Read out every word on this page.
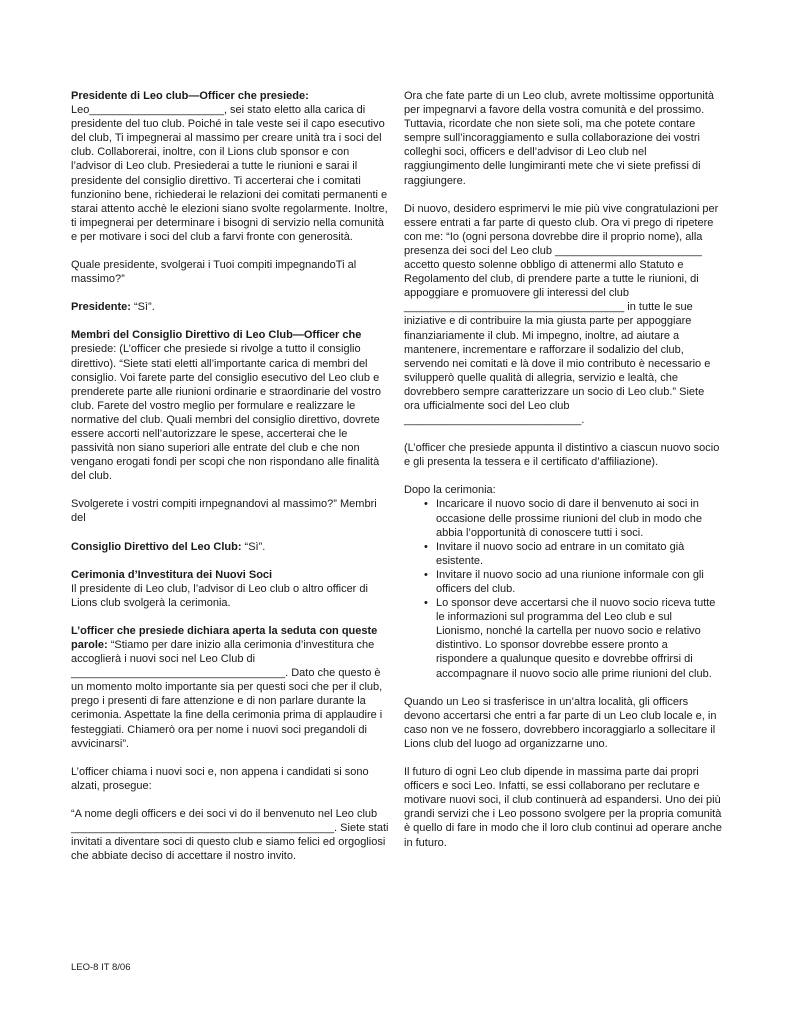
Presidente di Leo club—Officer che presiede:
Leo______________________, sei stato eletto alla carica di presidente del tuo club. Poiché in tale veste sei il capo esecutivo del club, Ti impegnerai al massimo per creare unità tra i soci del club. Collaborerai, inoltre, con il Lions club sponsor e con l’advisor di Leo club. Presiederai a tutte le riunioni e sarai il presidente del consiglio direttivo. Ti accerterai che i comitati funzionino bene, richiederai le relazioni dei comitati permanenti e starai attento acchè le elezioni siano svolte regolarmente. Inoltre, ti impegnerai per determinare i bisogni di servizio nella comunità e per motivare i soci del club a farvi fronte con generosità.

Quale presidente, svolgerai i Tuoi compiti impegnandoTi al massimo?”

Presidente: “Sì”.

Membri del Consiglio Direttivo di Leo Club—Officer che
presiede: (L’officer che presiede si rivolge a tutto il consiglio direttivo). “Siete stati eletti all’importante carica di membri del consiglio. Voi farete parte del consiglio esecutivo del Leo club e prenderete parte alle riunioni ordinarie e straordinarie del vostro club. Farete del vostro meglio per formulare e realizzare le normative del club. Quali membri del consiglio direttivo, dovrete essere accorti nell’autorizzare le spese, accerterai che le passività non siano superiori alle entrate del club e che non vengano erogati fondi per scopi che non rispondano alle finalità del club.

Svolgerete i vostri compiti irnpegnandovi al massimo?” Membri del

Consiglio Direttivo del Leo Club: “Sì”.

Cerimonia d’Investitura dei Nuovi Soci
Il presidente di Leo club, l’advisor di Leo club o altro officer di Lions club svolgerà la cerimonia.

L’officer che presiede dichiara aperta la seduta con queste parole: “Stiamo per dare inizio alla cerimonia d’investitura che accoglierà i nuovi soci nel Leo Club di ___________________________________. Dato che questo è un momento molto importante sia per questi soci che per il club, prego i presenti di fare attenzione e di non parlare durante la cerimonia. Aspettate la fine della cerimonia prima di applaudire i festeggiati. Chiamerò ora per nome i nuovi soci pregandoli di avvicinarsi”.

L’officer chiama i nuovi soci e, non appena i candidati si sono alzati, prosegue:

“A nome degli officers e dei soci vi do il benvenuto nel Leo club ___________________________________________. Siete stati invitati a diventare soci di questo club e siamo felici ed orgogliosi che abbiate deciso di accettare il nostro invito.

Ora che fate parte di un Leo club, avrete moltissime opportunità per impegnarvi a favore della vostra comunità e del prossimo. Tuttavia, ricordate che non siete soli, ma che potete contare sempre sull’incoraggiamento e sulla collaborazione dei vostri colleghi soci, officers e dell’advisor di Leo club nel raggiungimento delle lungimiranti mete che vi siete prefissi di raggiungere.

Di nuovo, desidero esprimervi le mie più vive congratulazioni per essere entrati a far parte di questo club. Ora vi prego di ripetere con me: “Io (ogni persona dovrebbe dire il proprio nome), alla presenza dei soci del Leo club ________________________ accetto questo solenne obbligo di attenermi allo Statuto e Regolamento del club, di prendere parte a tutte le riunioni, di appoggiare e promuovere gli interessi del club ____________________________________ in tutte le sue iniziative e di contribuire la mia giusta parte per appoggiare finanziariamente il club. Mi impegno, inoltre, ad aiutare a mantenere, incrementare e rafforzare il sodalizio del club, servendo nei comitati e là dove il mio contributo è necessario e svilupperò quelle qualità di allegria, servizio e lealtà, che dovrebbero sempre caratterizzare un socio di Leo club.” Siete ora ufficialmente soci del Leo club _____________________________.

(L’officer che presiede appunta il distintivo a ciascun nuovo socio e gli presenta la tessera e il certificato d’affiliazione).

Dopo la cerimonia:
• Incaricare il nuovo socio di dare il benvenuto ai soci in occasione delle prossime riunioni del club in modo che abbia l’opportunità di conoscere tutti i soci.
• Invitare il nuovo socio ad entrare in un comitato già esistente.
• Invitare il nuovo socio ad una riunione informale con gli officers del club.
• Lo sponsor deve accertarsi che il nuovo socio riceva tutte le informazioni sul programma del Leo club e sul Lionismo, nonché la cartella per nuovo socio e relativo distintivo. Lo sponsor dovrebbe essere pronto a rispondere a qualunque quesito e dovrebbe offrirsi di accompagnare il nuovo socio alle prime riunioni del club.

Quando un Leo si trasferisce in un’altra località, gli officers devono accertarsi che entri a far parte di un Leo club locale e, in caso non ve ne fossero, dovrebbero incoraggiarlo a sollecitare il Lions club del luogo ad organizzarne uno.

Il futuro di ogni Leo club dipende in massima parte dai propri officers e soci Leo. Infatti, se essi collaborano per reclutare e motivare nuovi soci, il club continuerà ad espandersi. Uno dei più grandi servizi che i Leo possono svolgere per la propria comunità è quello di fare in modo che il loro club continui ad operare anche in futuro.

LEO-8 IT 8/06
